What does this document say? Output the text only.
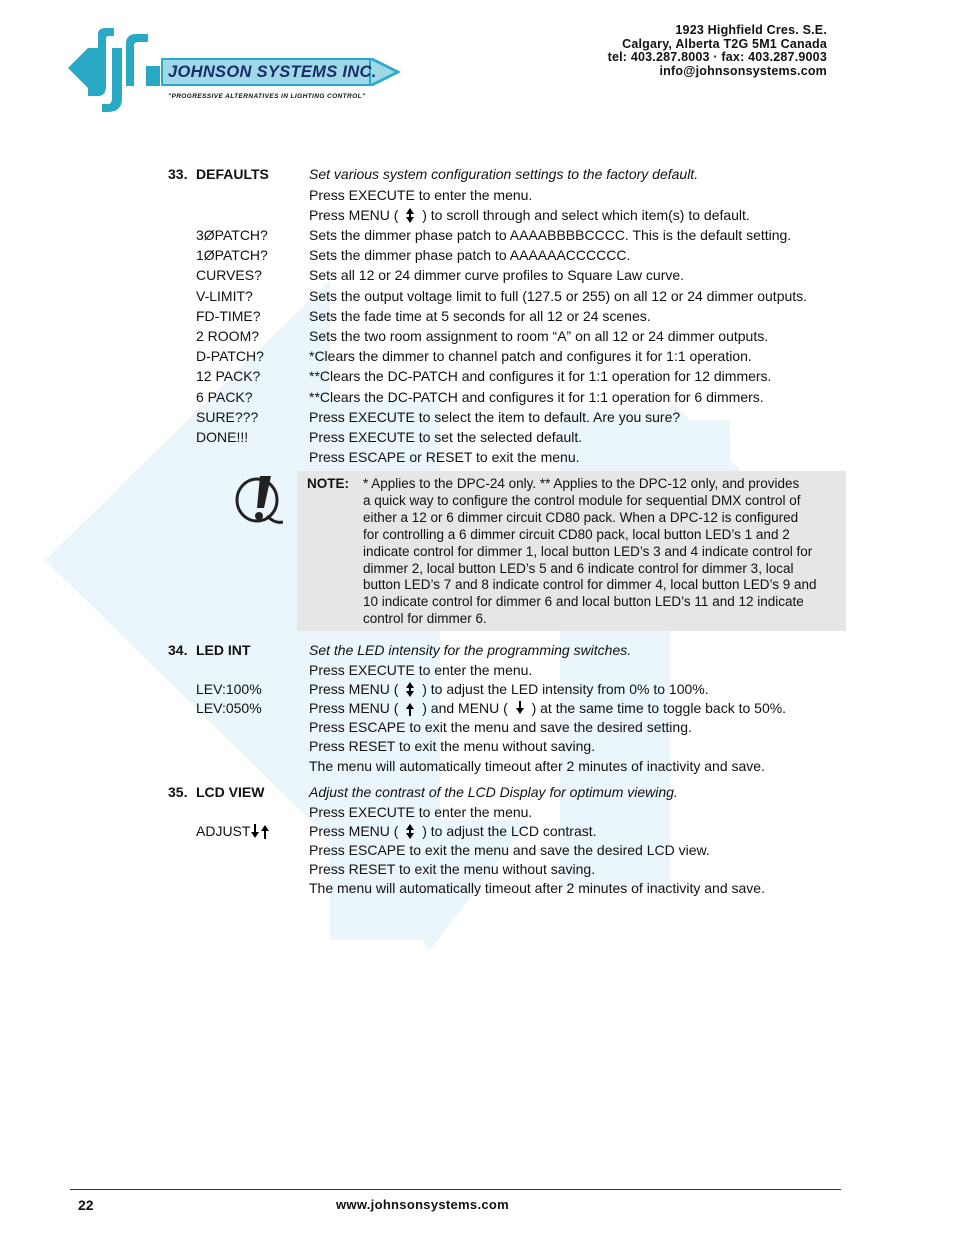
JOHNSON SYSTEMS INC.
"PROGRESSIVE ALTERNATIVES IN LIGHTING CONTROL"
1923 Highfield Cres. S.E.
Calgary, Alberta T2G 5M1 Canada
tel: 403.287.8003 · fax: 403.287.9003
info@johnsonsystems.com
33. DEFAULTS	Set various system configuration settings to the factory default.
Press EXECUTE to enter the menu.
Press MENU ( ) to scroll through and select which item(s) to default.
3ØPATCH?	Sets the dimmer phase patch to AAAABBBBCCCC. This is the default setting.
1ØPATCH?	Sets the dimmer phase patch to AAAAAACCCCCC.
CURVES?	Sets all 12 or 24 dimmer curve profiles to Square Law curve.
V-LIMIT?	Sets the output voltage limit to full (127.5 or 255) on all 12 or 24 dimmer outputs.
FD-TIME?	Sets the fade time at 5 seconds for all 12 or 24 scenes.
2 ROOM?	Sets the two room assignment to room “A” on all 12 or 24 dimmer outputs.
D-PATCH?	*Clears the dimmer to channel patch and configures it for 1:1 operation.
12 PACK?	**Clears the DC-PATCH and configures it for 1:1 operation for 12 dimmers.
6 PACK?	**Clears the DC-PATCH and configures it for 1:1 operation for 6 dimmers.
SURE???	Press EXECUTE to select the item to default. Are you sure?
DONE!!!	Press EXECUTE to set the selected default.
Press ESCAPE or RESET to exit the menu.
NOTE: * Applies to the DPC-24 only. ** Applies to the DPC-12 only, and provides
a quick way to configure the control module for sequential DMX control of
either a 12 or 6 dimmer circuit CD80 pack. When a DPC-12 is configured
for controlling a 6 dimmer circuit CD80 pack, local button LED’s 1 and 2
indicate control for dimmer 1, local button LED’s 3 and 4 indicate control for
dimmer 2, local button LED’s 5 and 6 indicate control for dimmer 3, local
button LED’s 7 and 8 indicate control for dimmer 4, local button LED’s 9 and
10 indicate control for dimmer 6 and local button LED’s 11 and 12 indicate
control for dimmer 6.
34. LED INT	Set the LED intensity for the programming switches.
Press EXECUTE to enter the menu.
LEV:100%	Press MENU ( ) to adjust the LED intensity from 0% to 100%.
LEV:050%	Press MENU ( ) and MENU ( ) at the same time to toggle back to 50%.
Press ESCAPE to exit the menu and save the desired setting.
Press RESET to exit the menu without saving.
The menu will automatically timeout after 2 minutes of inactivity and save.
35. LCD VIEW	Adjust the contrast of the LCD Display for optimum viewing.
Press EXECUTE to enter the menu.
ADJUST	Press MENU ( ) to adjust the LCD contrast.
Press ESCAPE to exit the menu and save the desired LCD view.
Press RESET to exit the menu without saving.
The menu will automatically timeout after 2 minutes of inactivity and save.
22	www.johnsonsystems.com
